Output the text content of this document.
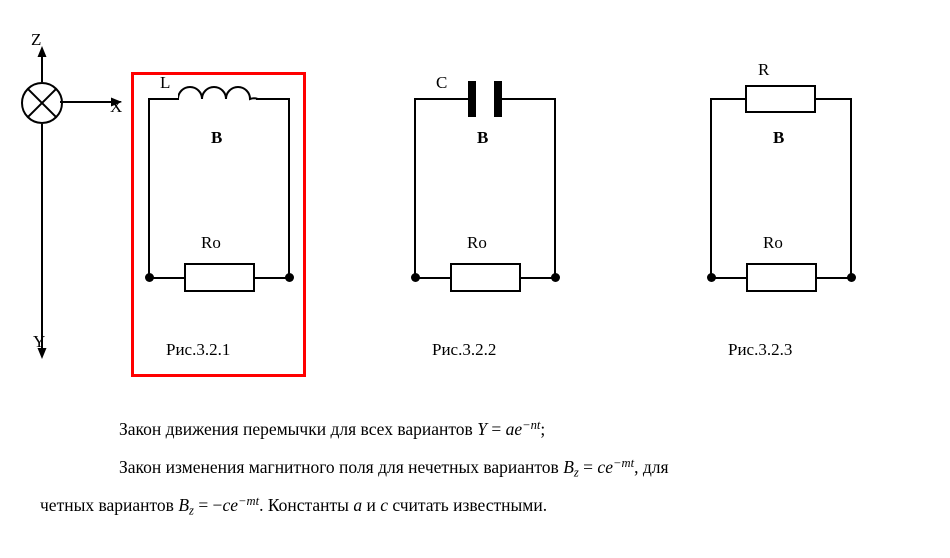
Z
X
Y
L
B
Ro
Рис.3.2.1
C
B
Ro
Рис.3.2.2
R
B
Ro
Рис.3.2.3
Закон движения перемычки для всех вариантов $Y = ae^{-nt}$;
Закон изменения магнитного поля для нечетных вариантов $B_z = ce^{-mt}$, для
четных вариантов $B_z = -ce^{-mt}$. Константы a и c считать известными.
